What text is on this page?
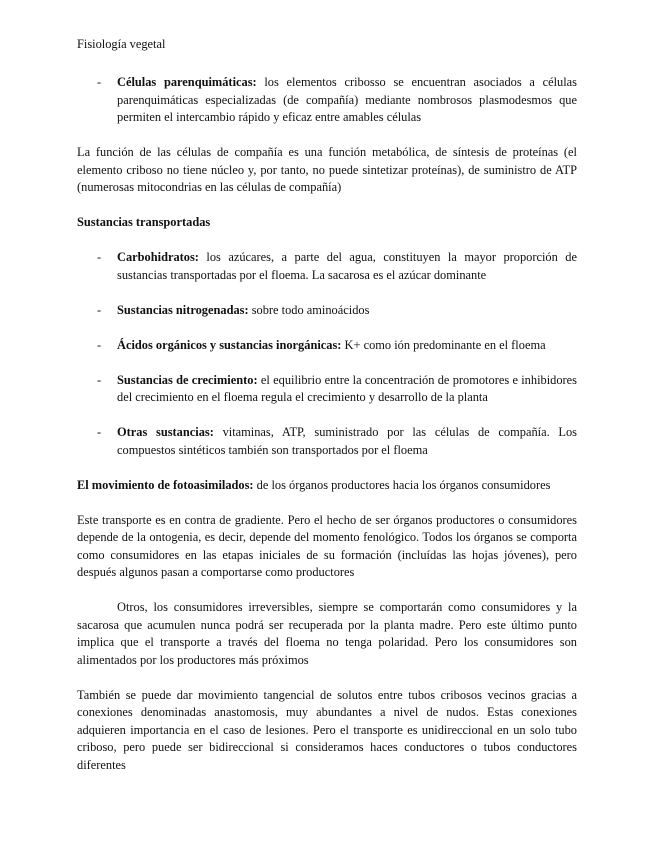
Fisiología vegetal
- Células parenquimáticas: los elementos cribosso se encuentran asociados a células parenquimáticas especializadas (de compañía) mediante nombrosos plasmodesmos que permiten el intercambio rápido y eficaz entre amables células

La función de las células de compañía es una función metabólica, de síntesis de proteínas (el elemento criboso no tiene núcleo y, por tanto, no puede sintetizar proteínas), de suministro de ATP (numerosas mitocondrias en las células de compañía)

Sustancias transportadas

- Carbohidratos: los azúcares, a parte del agua, constituyen la mayor proporción de sustancias transportadas por el floema. La sacarosa es el azúcar dominante
- Sustancias nitrogenadas: sobre todo aminoácidos
- Ácidos orgánicos y sustancias inorgánicas: K+ como ión predominante en el floema
- Sustancias de crecimiento: el equilibrio entre la concentración de promotores e inhibidores del crecimiento en el floema regula el crecimiento y desarrollo de la planta
- Otras sustancias: vitaminas, ATP, suministrado por las células de compañía. Los compuestos sintéticos también son transportados por el floema

El movimiento de fotoasimilados: de los órganos productores hacia los órganos consumidores

Este transporte es en contra de gradiente. Pero el hecho de ser órganos productores o consumidores depende de la ontogenia, es decir, depende del momento fenológico. Todos los órganos se comporta como consumidores en las etapas iniciales de su formación (incluídas las hojas jóvenes), pero después algunos pasan a comportarse como productores

Otros, los consumidores irreversibles, siempre se comportarán como consumidores y la sacarosa que acumulen nunca podrá ser recuperada por la planta madre. Pero este último punto implica que el transporte a través del floema no tenga polaridad. Pero los consumidores son alimentados por los productores más próximos

También se puede dar movimiento tangencial de solutos entre tubos cribosos vecinos gracias a conexiones denominadas anastomosis, muy abundantes a nivel de nudos. Estas conexiones adquieren importancia en el caso de lesiones. Pero el transporte es unidireccional en un solo tubo criboso, pero puede ser bidireccional si consideramos haces conductores o tubos conductores diferentes
